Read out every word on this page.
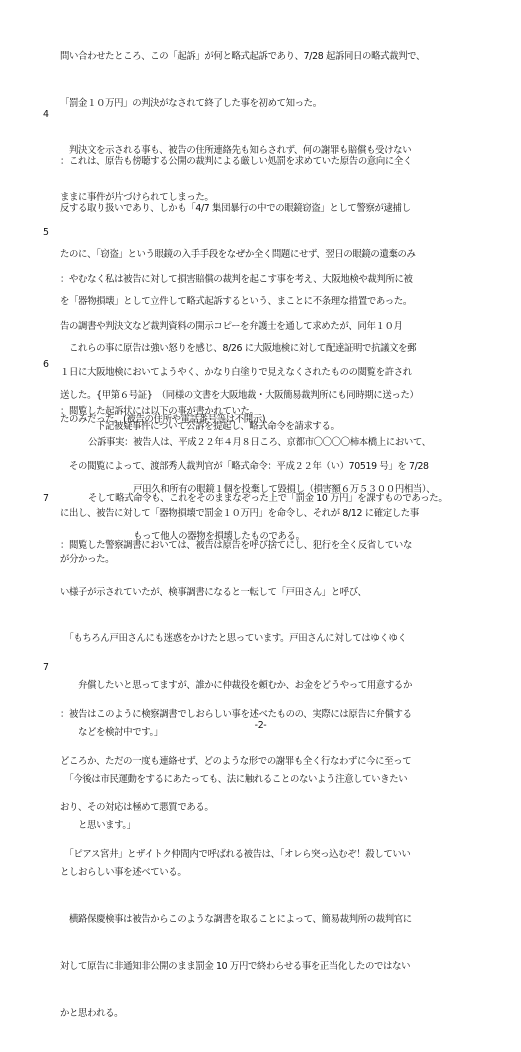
問い合わせたところ、この「起訴」が何と略式起訴であり、7/28 起訴同日の略式裁判で、

「罰金１０万円」の判決がなされて終了した事を初めて知った。

　判決文を示される事も、被告の住所連絡先も知らされず、何の謝罪も賠償も受けない

ままに事件が片づけられてしまった。

4

：これは、原告も傍聴する公開の裁判による厳しい処罰を求めていた原告の意向に全く

反する取り扱いであり、しかも「4/7 集団暴行の中での眼鏡窃盗」として警察が逮捕し

たのに、「窃盗」という眼鏡の入手手段をなぜか全く問題にせず、翌日の眼鏡の遺棄のみ

を「器物損壊」として立件して略式起訴するという、まことに不条理な措置であった。

　これらの事に原告は強い怒りを感じ、8/26 に大阪地検に対して配達証明で抗議文を郵

送した。{甲第６号証}　（同様の文書を大阪地裁・大阪簡易裁判所にも同時期に送った）

5

：やむなく私は被告に対して損害賠償の裁判を起こす事を考え、大阪地検や裁判所に被

告の調書や判決文など裁判資料の開示コピーを弁護士を通して求めたが、同年１０月

１日に大阪地検においてようやく、かなり白塗りで見えなくされたものの閲覧を許され

たのみだった。(被告の住所や電話番号等は不開示)

　その閲覧によって、渡部秀人裁判官が「略式命令：平成２２年（い）70519 号」を 7/28

に出し、被告に対して「器物損壊で罰金１０万円」を命令し、それが 8/12 に確定した事

が分かった。

6

：閲覧した起訴状には以下の事が書かれていた。

下記被疑事件について公訴を提起し、略式命令を請求する。

公訴事実：被告人は、平成２２年４月８日ころ、京都市〇〇〇〇柿本橋上において、

　　　　　戸田久和所有の眼鏡１個を投棄して毀損し（損害額６万５３００円相当）、

　　　　　もって他人の器物を損壊したものである。

そして略式命令も、これをそのままなぞった上で「罰金 10 万円」を課すものであった。

7

：閲覧した警察調書においては、被告は原告を呼び捨てにし、犯行を全く反省していな

い様子が示されていたが、検事調書になると一転して「戸田さん」と呼び、

　「もちろん戸田さんにも迷惑をかけたと思っています。戸田さんに対してはゆくゆく

　　弁償したいと思ってますが、誰かに仲裁役を頼むか、お金をどうやって用意するか

　　などを検討中です。」

　「今後は市民運動をするにあたっても、法に触れることのないよう注意していきたい

　　と思います。」

としおらしい事を述べている。

　横路保慶検事は被告からこのような調書を取ることによって、簡易裁判所の裁判官に

対して原告に非通知非公開のまま罰金 10 万円で終わらせる事を正当化したのではない

かと思われる。

7

：被告はこのように検察調書でしおらしい事を述べたものの、実際には原告に弁償する

どころか、ただの一度も連絡せず、どのような形での謝罪も全く行なわずに今に至って

おり、その対応は極めて悪質である。

　「ピアス宮井」とザイトク仲間内で呼ばれる被告は、「オレら突っ込むぞ！殺していい

-2-
